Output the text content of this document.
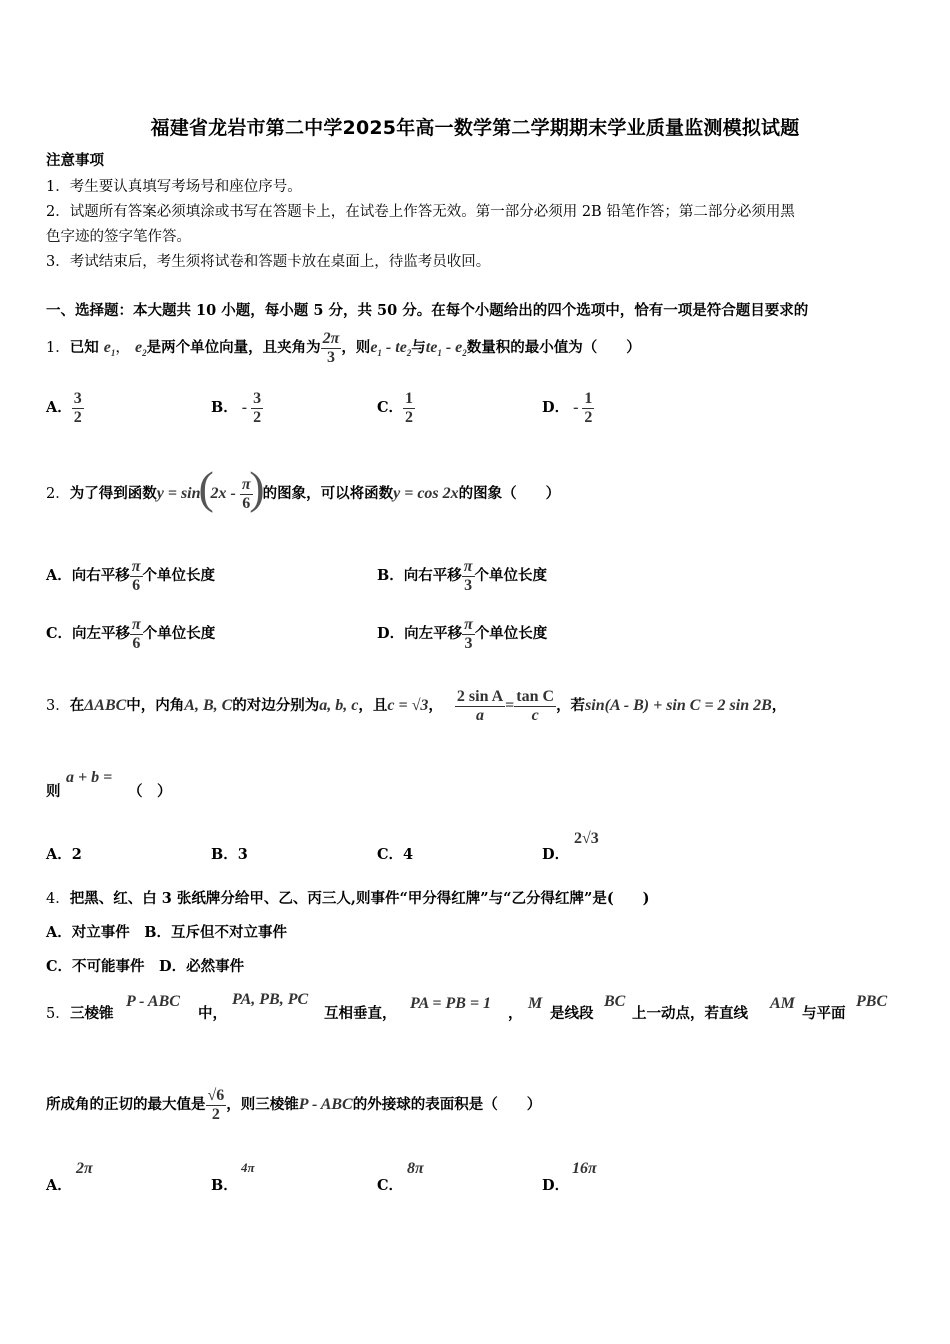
福建省龙岩市第二中学2025年高一数学第二学期期末学业质量监测模拟试题
注意事项
1．考生要认真填写考场号和座位序号。
2．试题所有答案必须填涂或书写在答题卡上，在试卷上作答无效。第一部分必须用 2B 铅笔作答；第二部分必须用黑
色字迹的签字笔作答。
3．考试结束后，考生须将试卷和答题卡放在桌面上，待监考员收回。
一、选择题：本大题共 10 小题，每小题 5 分，共 50 分。在每个小题给出的四个选项中，恰有一项是符合题目要求的
1．已知 $e_1$， $e_2$是两个单位向量，且夹角为 $\frac{2\pi}{3}$ ，则$e_1 - te_2$与$te_1 - e_2$数量积的最小值为（　　）
A． $\frac{3}{2}$	B． - $\frac{3}{2}$	C． $\frac{1}{2}$	D． - $\frac{1}{2}$
2．为了得到函数y = sin
(
$2x - \frac{\pi}{6}$
)
的图象，可以将函数y = cos 2x的图象（　　）
A．向右平移 $\frac{\pi}{6}$ 个单位长度	B．向右平移 $\frac{\pi}{3}$ 个单位长度
C．向左平移 $\frac{\pi}{6}$ 个单位长度	D．向左平移 $\frac{\pi}{3}$ 个单位长度
3．在ΔABC中，内角A, B, C的对边分别为a, b, c，且c = √3， $\frac{\text{2 sin A}}{a} = \frac{\text{tan C}}{c}$ ，若sin(A - B) + sin C = 2 sin 2B，
则
a + b =
（　）
A．2	B．3	C．4	D．
2√3
4．把黑、红、白 3 张纸牌分给甲、乙、丙三人,则事件“甲分得红牌”与“乙分得红牌”是(　　)
A．对立事件　B．互斥但不对立事件
C．不可能事件　D．必然事件
5． 三棱锥
P - ABC
中，
PA, PB, PC
互相垂直，
PA = PB = 1
，
M
是线段
BC
上一动点，若直线
AM
与平面
PBC
所成角的正切的最大值是 $\frac{√6}{2}$ ，则三棱锥P - ABC的外接球的表面积是（　　）
A．
2π
B．
4π
C．
8π
D．
16π
